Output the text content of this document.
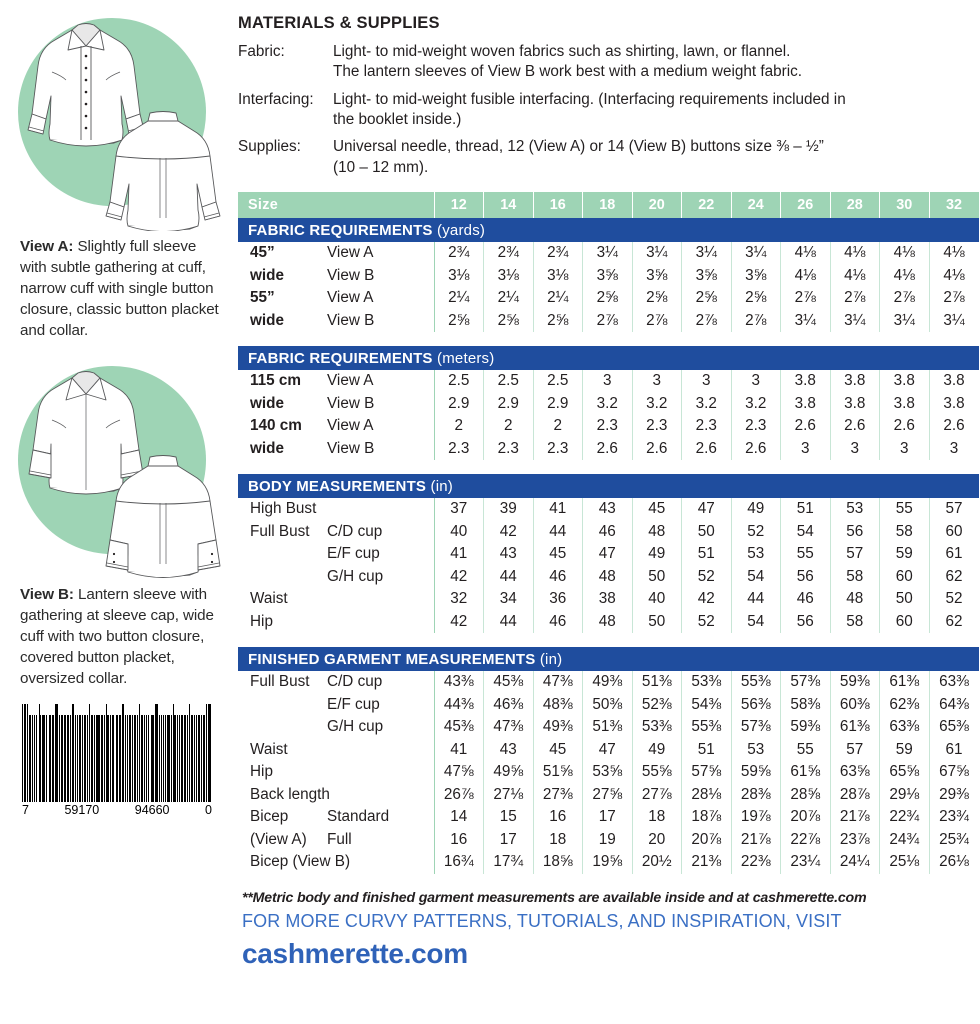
View A: Slightly full sleeve with subtle gathering at cuff, narrow cuff with single button closure, classic button placket and collar.
View B: Lantern sleeve with gathering at sleeve cap, wide cuff with two button closure, covered button placket, oversized collar.
7	59170	94660	0
MATERIALS & SUPPLIES
Fabric:	Light- to mid-weight woven fabrics such as shirting, lawn, or flannel.
The lantern sleeves of View B work best with a medium weight fabric.
Interfacing:	Light- to mid-weight fusible interfacing. (Interfacing requirements included in
the booklet inside.)
Supplies:	Universal needle, thread, 12 (View A) or 14 (View B) buttons size ⅜ – ½”
(10 – 12 mm).
Size	12	14	16	18	20	22	24	26	28	30	32
FABRIC REQUIREMENTS (yards)												
45”	View A	2¾	2¾	2¾	3¼	3¼	3¼	3¼	4⅛	4⅛	4⅛	4⅛
wide	View B	3⅛	3⅛	3⅛	3⅝	3⅝	3⅝	3⅝	4⅛	4⅛	4⅛	4⅛
55”	View A	2¼	2¼	2¼	2⅝	2⅝	2⅝	2⅝	2⅞	2⅞	2⅞	2⅞
wide	View B	2⅝	2⅝	2⅝	2⅞	2⅞	2⅞	2⅞	3¼	3¼	3¼	3¼
FABRIC REQUIREMENTS (meters)												
115 cm	View A	2.5	2.5	2.5	3	3	3	3	3.8	3.8	3.8	3.8
wide	View B	2.9	2.9	2.9	3.2	3.2	3.2	3.2	3.8	3.8	3.8	3.8
140 cm	View A	2	2	2	2.3	2.3	2.3	2.3	2.6	2.6	2.6	2.6
wide	View B	2.3	2.3	2.3	2.6	2.6	2.6	2.6	3	3	3	3
BODY MEASUREMENTS (in)												
High Bust		37	39	41	43	45	47	49	51	53	55	57
Full Bust	C/D cup	40	42	44	46	48	50	52	54	56	58	60
	E/F cup	41	43	45	47	49	51	53	55	57	59	61
	G/H cup	42	44	46	48	50	52	54	56	58	60	62
Waist		32	34	36	38	40	42	44	46	48	50	52
Hip		42	44	46	48	50	52	54	56	58	60	62
FINISHED GARMENT MEASUREMENTS (in)												
Full Bust	C/D cup	43⅜	45⅜	47⅜	49⅜	51⅜	53⅜	55⅜	57⅜	59⅜	61⅜	63⅜
	E/F cup	44⅜	46⅜	48⅜	50⅜	52⅜	54⅜	56⅜	58⅜	60⅜	62⅜	64⅜
	G/H cup	45⅜	47⅜	49⅜	51⅜	53⅜	55⅜	57⅜	59⅜	61⅜	63⅜	65⅜
Waist		41	43	45	47	49	51	53	55	57	59	61
Hip		47⅝	49⅝	51⅝	53⅝	55⅝	57⅝	59⅝	61⅝	63⅝	65⅝	67⅝
Back length		26⅞	27⅛	27⅜	27⅝	27⅞	28⅛	28⅜	28⅝	28⅞	29⅛	29⅜
Bicep	Standard	14	15	16	17	18	18⅞	19⅞	20⅞	21⅞	22¾	23¾
(View A)	Full	16	17	18	19	20	20⅞	21⅞	22⅞	23⅞	24¾	25¾
Bicep (View B)		16¾	17¾	18⅝	19⅝	20½	21⅜	22⅜	23¼	24¼	25⅛	26⅛
**Metric body and finished garment measurements are available inside and at cashmerette.com
FOR MORE CURVY PATTERNS, TUTORIALS, AND INSPIRATION, VISIT
cashmerette.com
